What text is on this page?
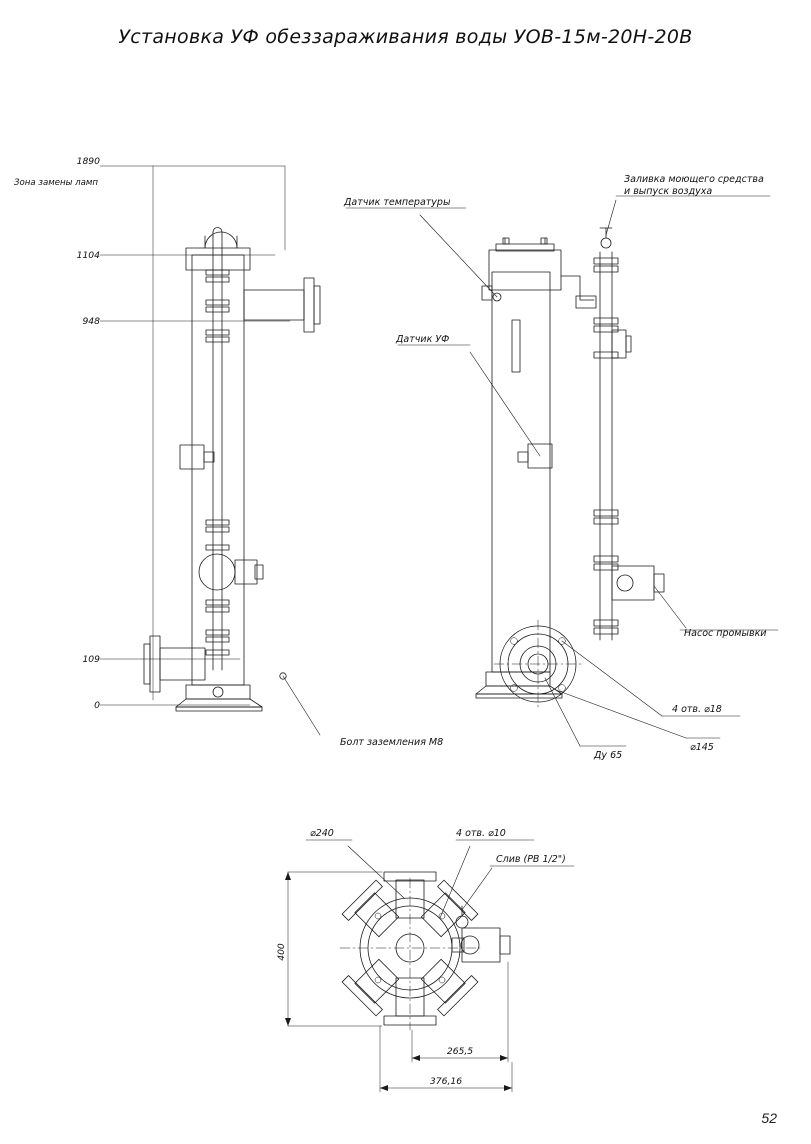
Установка УФ обеззараживания воды УОВ-15м-20Н-20В
1890
Зона замены ламп
1104
948
109
0
Болт заземления М8
Датчик температуры
Датчик УФ
Заливка моющего средства
и выпуск воздуха
Насос промывки
4 отв. ⌀18
⌀145
Ду 65
⌀240	4 отв. ⌀10
Слив (РВ 1/2")
400
265,5
376,16
52
